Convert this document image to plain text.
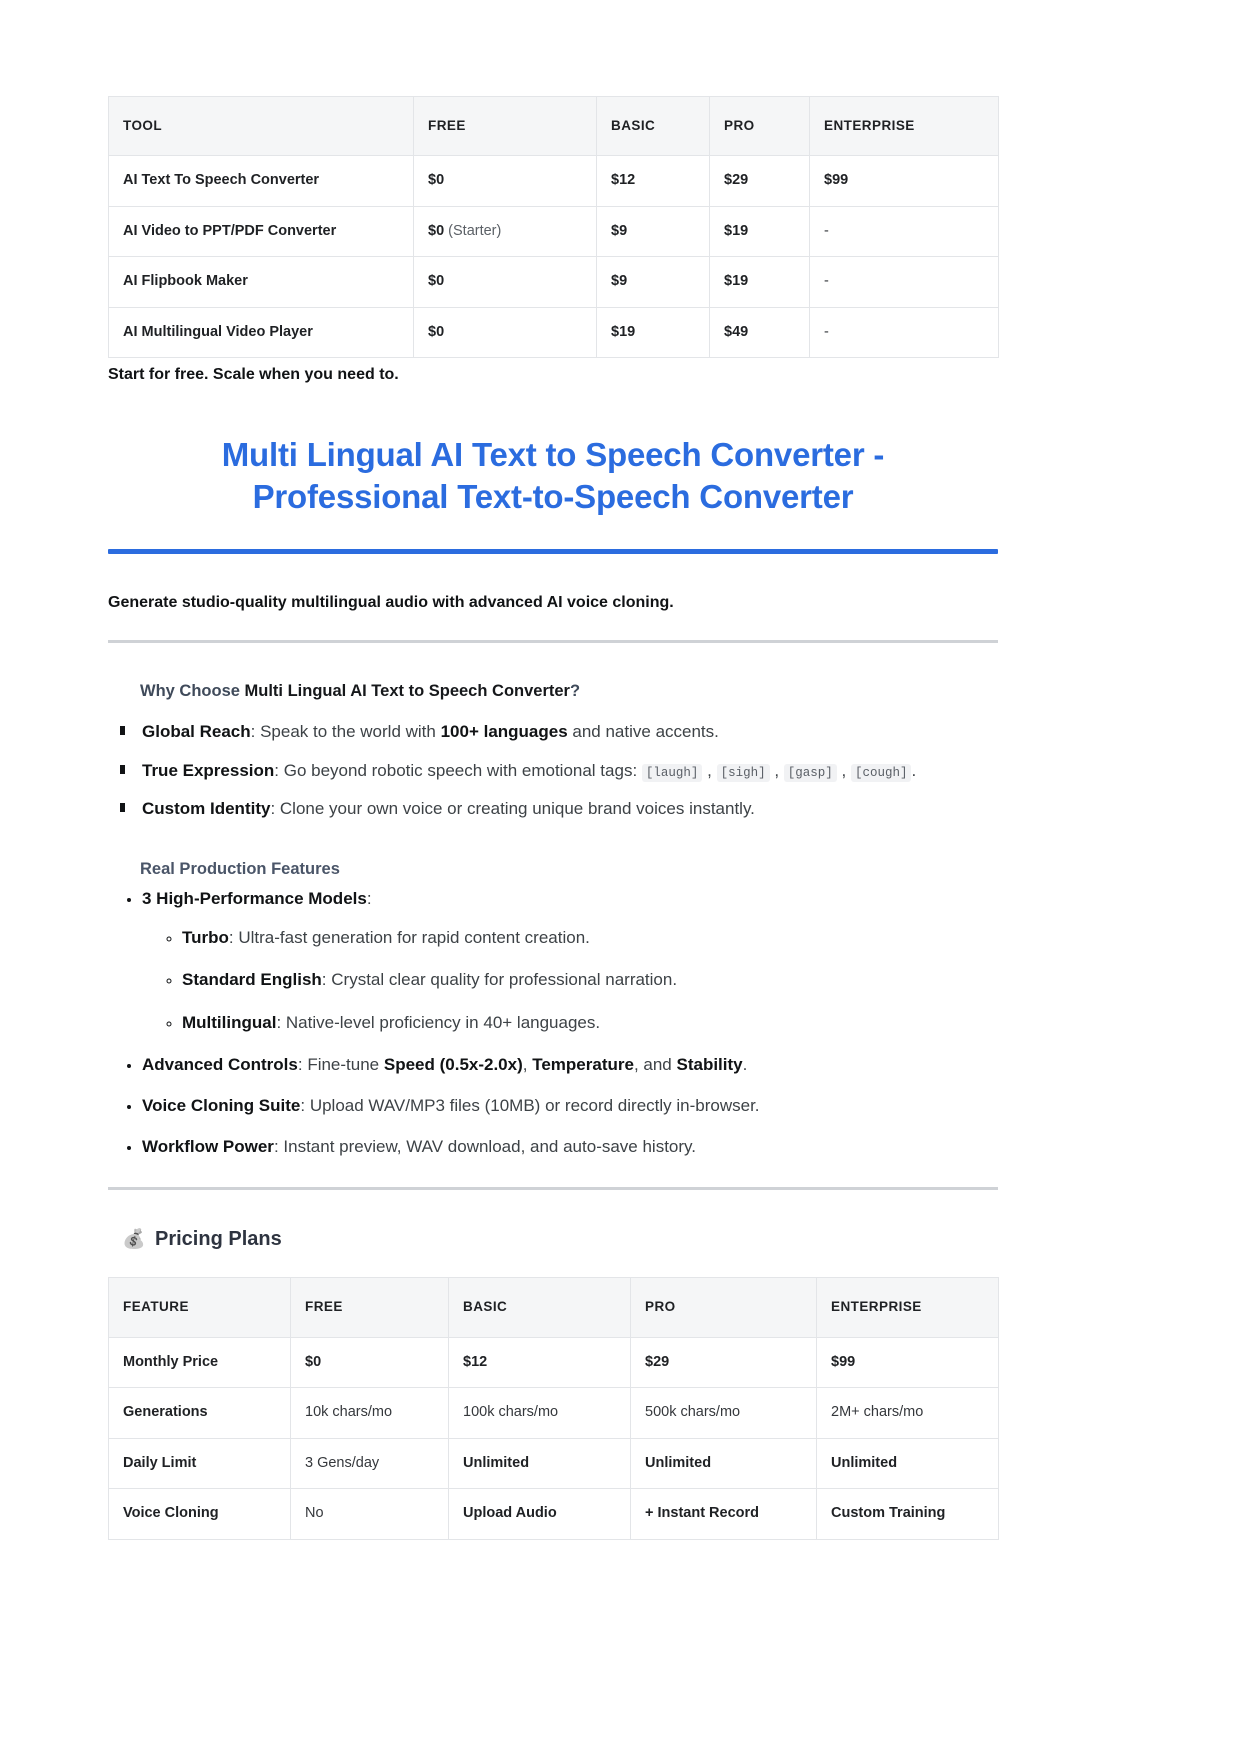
TOOL	FREE	BASIC	PRO	ENTERPRISE
AI Text To Speech Converter	$0	$12	$29	$99
AI Video to PPT/PDF Converter	$0 (Starter)	$9	$19	-
AI Flipbook Maker	$0	$9	$19	-
AI Multilingual Video Player	$0	$19	$49	-

Start for free. Scale when you need to.

Multi Lingual AI Text to Speech Converter -
Professional Text-to-Speech Converter

Generate studio-quality multilingual audio with advanced AI voice cloning.

Why Choose Multi Lingual AI Text to Speech Converter?
Global Reach: Speak to the world with 100+ languages and native accents.
True Expression: Go beyond robotic speech with emotional tags: [laugh] , [sigh] , [gasp] , [cough] .
Custom Identity: Clone your own voice or creating unique brand voices instantly.
Real Production Features
• 3 High-Performance Models:
◦ Turbo: Ultra-fast generation for rapid content creation.
◦ Standard English: Crystal clear quality for professional narration.
◦ Multilingual: Native-level proficiency in 40+ languages.
• Advanced Controls: Fine-tune Speed (0.5x-2.0x), Temperature, and Stability.
• Voice Cloning Suite: Upload WAV/MP3 files (10MB) or record directly in-browser.
• Workflow Power: Instant preview, WAV download, and auto-save history.
💰 Pricing Plans
FEATURE	FREE	BASIC	PRO	ENTERPRISE
Monthly Price	$0	$12	$29	$99
Generations	10k chars/mo	100k chars/mo	500k chars/mo	2M+ chars/mo
Daily Limit	3 Gens/day	Unlimited	Unlimited	Unlimited
Voice Cloning	No	Upload Audio	+ Instant Record	Custom Training
